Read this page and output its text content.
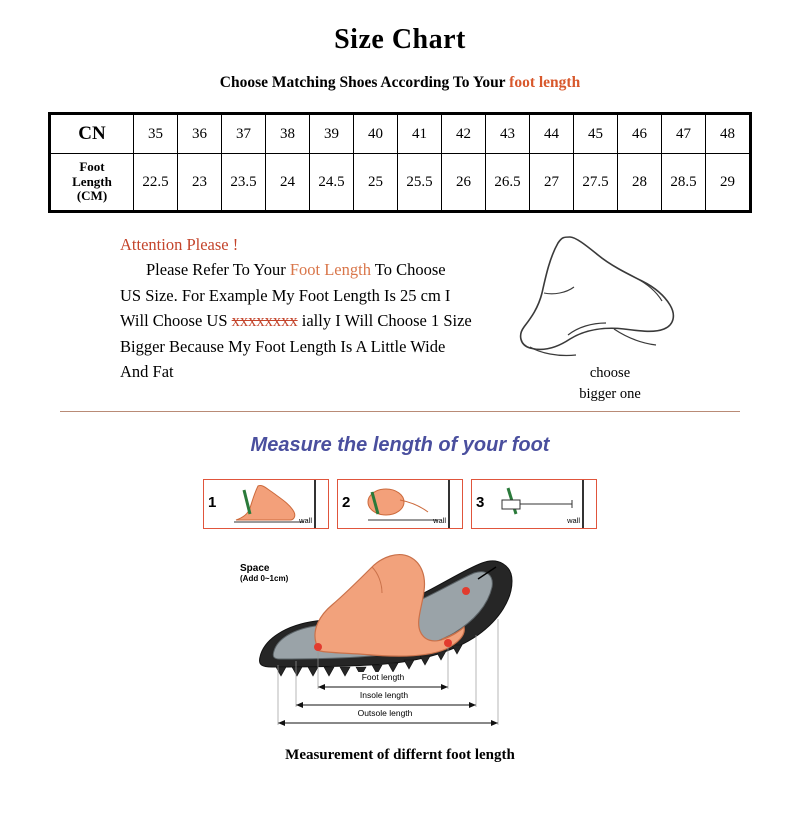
Size Chart
Choose Matching Shoes According To Your foot length
CN	35	36	37	38	39	40	41	42	43	44	45	46	47	48

Foot
Length
(CM)	22.5	23	23.5	24	24.5	25	25.5	26	26.5	27	27.5	28	28.5	29
Attention Please !
Please Refer To Your Foot Length To Choose
US Size. For Example My Foot Length Is 25 cm I
Will Choose US xxxxxxxx ially I Will Choose 1 Size
Bigger Because My Foot Length Is A Little Wide
And Fat	choose
bigger one
Measure the length of your foot
1
wall
2
wall
3
wall
Space
(Add 0~1cm)
Foot length
Insole length
Outsole length
Measurement of differnt foot length
